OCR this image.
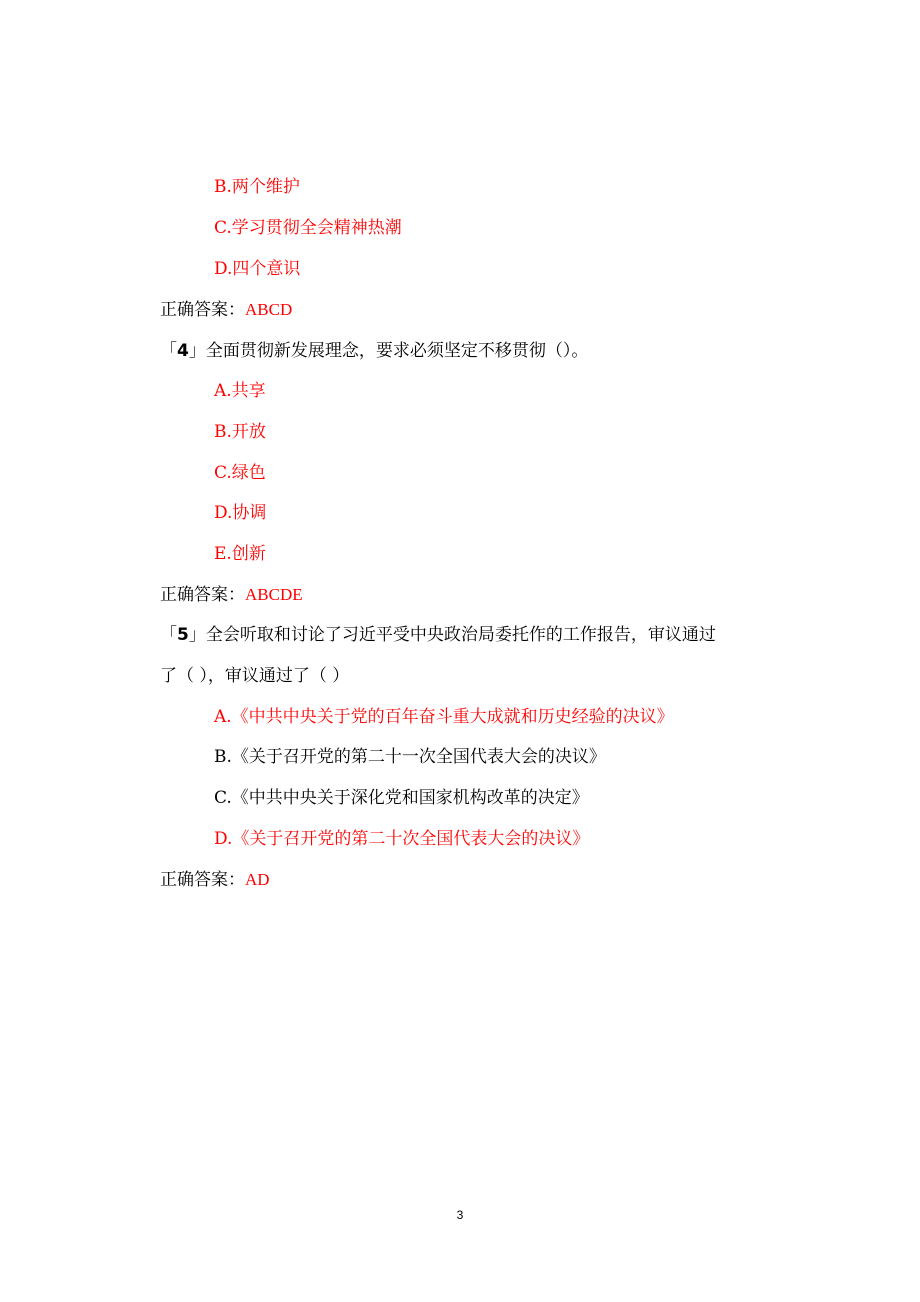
B.两个维护
C.学习贯彻全会精神热潮
D.四个意识
正确答案：ABCD
「4」全面贯彻新发展理念，要求必须坚定不移贯彻（）。
A.共享
B.开放
C.绿色
D.协调
E.创新
正确答案：ABCDE
「5」全会听取和讨论了习近平受中央政治局委托作的工作报告，审议通过
了（ ），审议通过了（ ）
A.《中共中央关于党的百年奋斗重大成就和历史经验的决议》
B.《关于召开党的第二十一次全国代表大会的决议》
C.《中共中央关于深化党和国家机构改革的决定》
D.《关于召开党的第二十次全国代表大会的决议》
正确答案：AD
3
